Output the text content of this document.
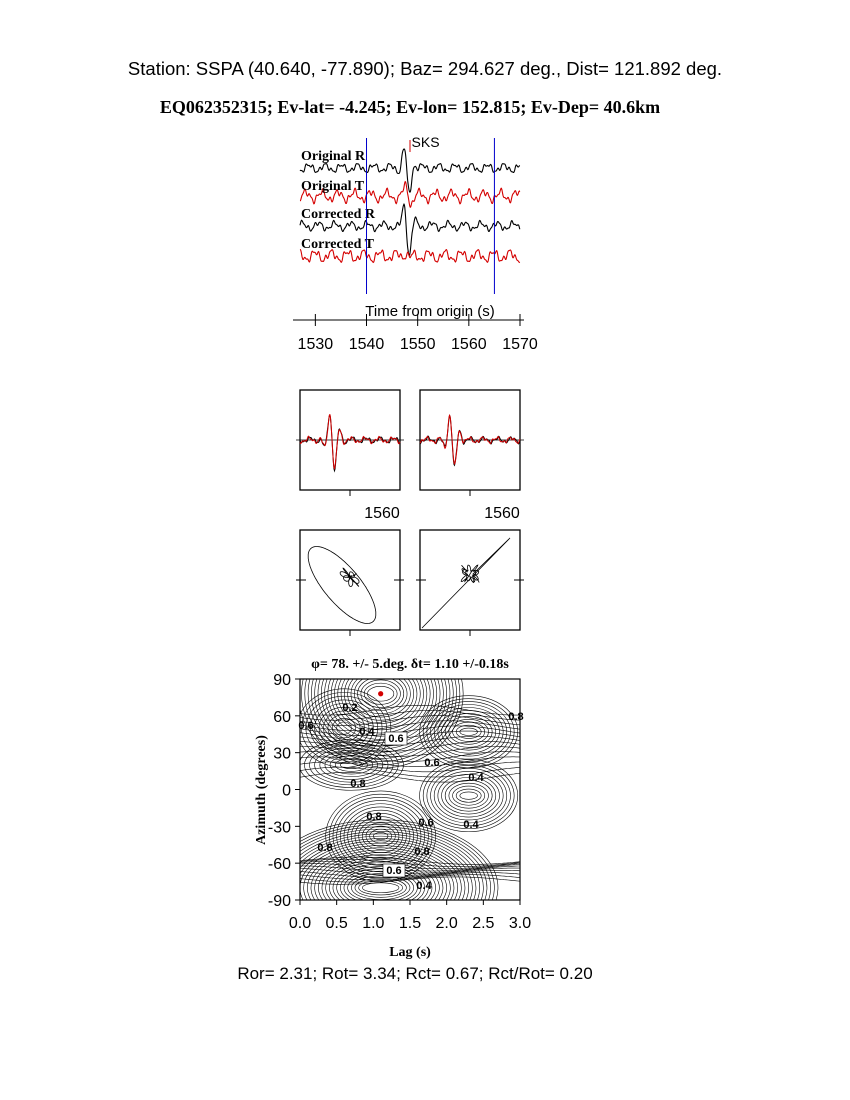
Station: SSPA (40.640, -77.890); Baz= 294.627 deg., Dist= 121.892 deg.
EQ062352315; Ev-lat= -4.245; Ev-lon= 152.815; Ev-Dep= 40.6km
Original R
Original T
Corrected R
Corrected T
SKS
1530 1540 1550 1560 1570
Time from origin (s)
1560	1560
φ= 78. +/- 5.deg. δt= 1.10 +/-0.18s
0.2
0.4
0.6
0.6
0.6
0.8	0.4
0.8	0.6	0.4
0.8	0.8
0.6
0.4
0.8
90
60
30
0
-30
-60
-90
0.0 0.5 1.0 1.5 2.0 2.5 3.0
Lag (s)
Azimuth (degrees)
Ror= 2.31; Rot= 3.34; Rct= 0.67; Rct/Rot= 0.20
